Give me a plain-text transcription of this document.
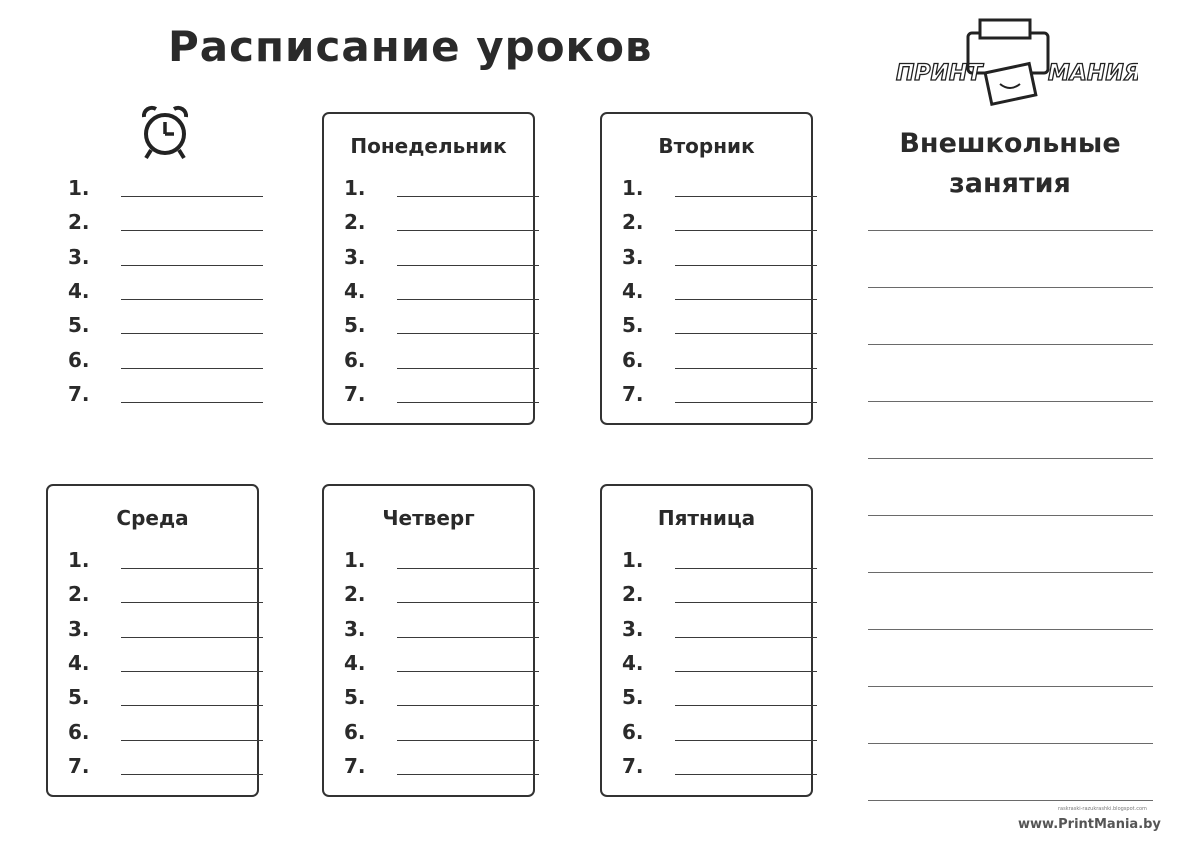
Расписание уроков
ПРИНТ	МАНИЯ
1.
2.
3.
4.
5.
6.
7.
Понедельник
1.
2.
3.
4.
5.
6.
7.
Вторник
1.
2.
3.
4.
5.
6.
7.
Среда
1.
2.
3.
4.
5.
6.
7.
Четверг
1.
2.
3.
4.
5.
6.
7.
Пятница
1.
2.
3.
4.
5.
6.
7.
Внешкольные
занятия
raskraski-razukrashki.blogspot.com
www.PrintMania.by
